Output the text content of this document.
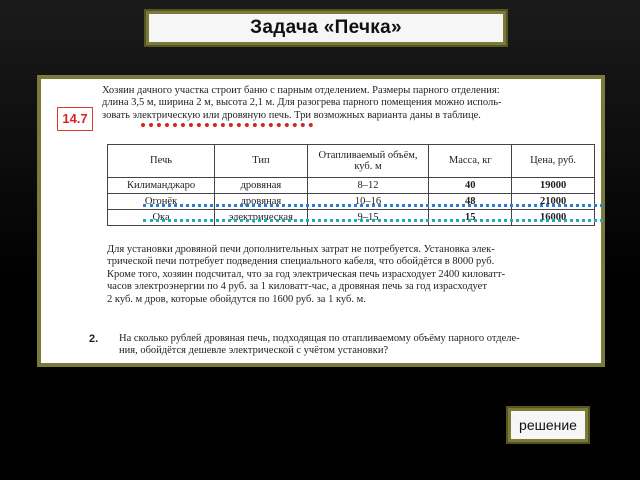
Задача «Печка»
14.7
Хозяин дачного участка строит баню с парным отделением. Размеры парного отделения:
длина 3,5 м, ширина 2 м, высота 2,1 м. Для разогрева парного помещения можно исполь-
зовать электрическую или дровяную печь. Три возможных варианта даны в таблице.
Печь	Тип	Отапливаемый объём, куб. м	Масса, кг	Цена, руб.
Килиманджаро	дровяная	8–12	40	19000
Огонёк	дровяная	10–16	48	21000
Ока	электрическая	9–15	15	16000
Для установки дровяной печи дополнительных затрат не потребуется. Установка элек-
трической печи потребует подведения специального кабеля, что обойдётся в 8000 руб.
Кроме того, хозяин подсчитал, что за год электрическая печь израсходует 2400 киловатт-
часов электроэнергии по 4 руб. за 1 киловатт-час, а дровяная печь за год израсходует
2 куб. м дров, которые обойдутся по 1600 руб. за 1 куб. м.
2. На сколько рублей дровяная печь, подходящая по отапливаемому объёму парного отделе-
ния, обойдётся дешевле электрической с учётом установки?
решение
